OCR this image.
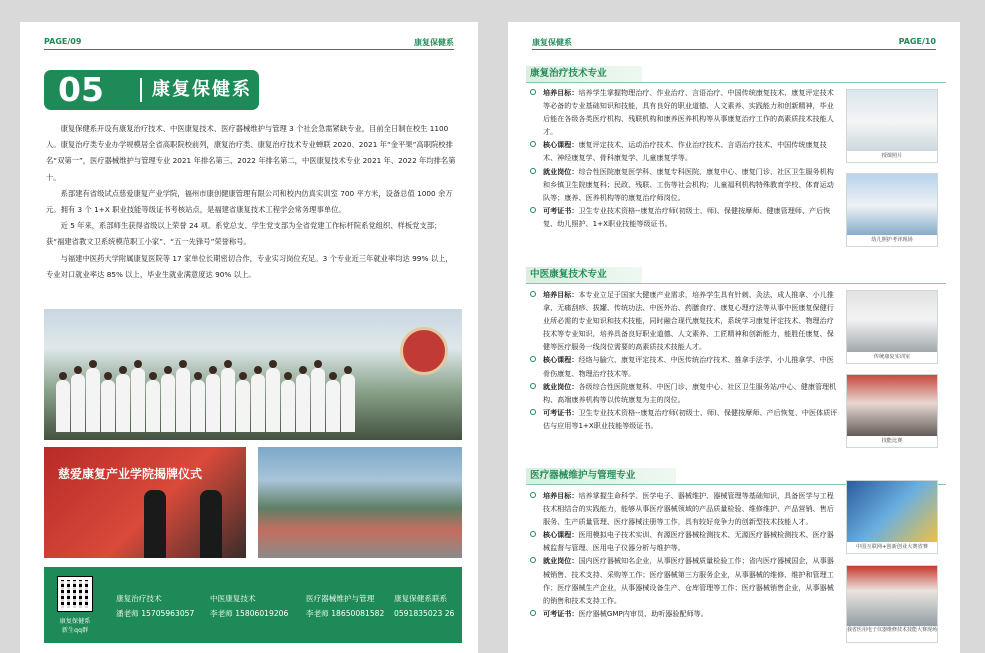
PAGE/09	康复保健系
05	康复保健系

康复保健系开设有康复治疗技术、中医康复技术、医疗器械维护与管理 3 个社会急需紧缺专业，目前全日制在校生 1100 人。康复治疗类专业办学规模居全省高职院校前列，康复治疗类、康复治疗技术专业蝉联 2020、2021 年“金平果”高职院校排名“双第一”，医疗器械维护与管理专业 2021 年排名第三、2022 年排名第二，中医康复技术专业 2021 年、2022 年均排名第十。

系部建有省级试点慈爱康复产业学院，福州市康创健康管理有限公司和校内仿真实训室 700 平方米，设备总值 1000 余万元。拥有 3 个 1+X 职业技能等级证书考核站点，是福建省康复技术工程学会常务理事单位。

近 5 年来，系部师生获得省级以上荣誉 24 项。系党总支、学生党支部为全省党建工作标杆院系党组织、样板党支部；获“福建省教文卫系统模范职工小家”、“五一先锋号”荣誉称号。

与福建中医药大学附属康复医院等 17 家单位长期密切合作，专业实习岗位充足。3 个专业近三年就业率均达 99% 以上，专业对口就业率达 85% 以上，毕业生就业满意度达 90% 以上。

慈爱康复产业学院揭牌仪式
康复保健系
新生qq群
康复治疗技术
潘老师 15705963057
中医康复技术
李老师 15806019206
医疗器械维护与管理
李老师 18650081582
康复保健系联系
0591835023 26
康复保健系	PAGE/10
康复治疗技术专业
培养目标：培养学生掌握物理治疗、作业治疗、言语治疗、中国传统康复技术、康复评定技术等必备的专业基础知识和技能，具有良好的职业道德、人文素养、实践能力和创新精神，毕业后能在各级各类医疗机构、残联机构和康养医养机构等从事康复治疗工作的高素质技术技能人才。
核心课程：康复评定技术、运动治疗技术、作业治疗技术、言语治疗技术、中国传统康复技术、神经康复学、骨科康复学、儿童康复学等。
就业岗位：综合性医院康复医学科、康复专科医院、康复中心、康复门诊、社区卫生服务机构和乡镇卫生院康复科；民政、残联、工伤等社会机构；儿童福利机构特殊教育学校、体育运动队等；康养、医养机构等的康复治疗师岗位。
可考证书：卫生专业技术资格--康复治疗师(初级士、师)、保健按摩师、健康管理师、产后恢复、幼儿照护、1+X职业技能等级证书。
授课照片
幼儿照护考评现场
中医康复技术专业
培养目标：本专业立足于国家大健康产业需求，培养学生具有针刺、灸法、成人推拿、小儿推拿、无痛刮痧、拔罐、传统功法、中医外治、药膳食疗、康复心理疗法等从事中医康复保健行业所必需的专业知识和技术技能，同时融合现代康复技术，系统学习康复评定技术、物理治疗技术等专业知识，培养具备良好职业道德、人文素养、工匠精神和创新能力，能胜任康复、保健等医疗服务一线岗位需要的高素质技术技能人才。
核心课程：经络与腧穴、康复评定技术、中医传统治疗技术、推拿手法学、小儿推拿学、中医骨伤康复、物理治疗技术等。
就业岗位：各级综合性医院康复科、中医门诊、康复中心、社区卫生服务站/中心、健康管理机构、高端康养机构等以传统康复为主的岗位。
可考证书：卫生专业技术资格--康复治疗师(初级士、师)、保健按摩师、产后恢复、中医体质评估与应用等1+X职业技能等级证书。
传统康复实训室
技能比赛
医疗器械维护与管理专业
培养目标：培养掌握生命科学、医学电子、器械维护、器械管理等基础知识，具备医学与工程技术相结合的实践能力，能够从事医疗器械领域的产品质量检验、维修维护、产品营销、售后服务、生产质量管理、医疗器械注册等工作，具有较好竞争力的创新型技术技能人才。
核心课程：医用模拟电子技术实训、有源医疗器械检测技术、无源医疗器械检测技术、医疗器械监督与管理、医用电子仪器分析与维护等。
就业岗位：国内医疗器械知名企业，从事医疗器械质量检验工作；省内医疗器械国企，从事器械销售、技术支持、采购等工作；医疗器械第三方服务企业，从事器械的维修、维护和管理工作；医疗器械生产企业，从事器械设备生产、仓库管理等工作；医疗器械销售企业，从事器械的销售和技术支持工作。
可考证书：医疗器械GMP内审员、助听器验配师等。
中国互联网+创新创业大赛省赛
我省医用电子仪器维修技术技能大赛现场
